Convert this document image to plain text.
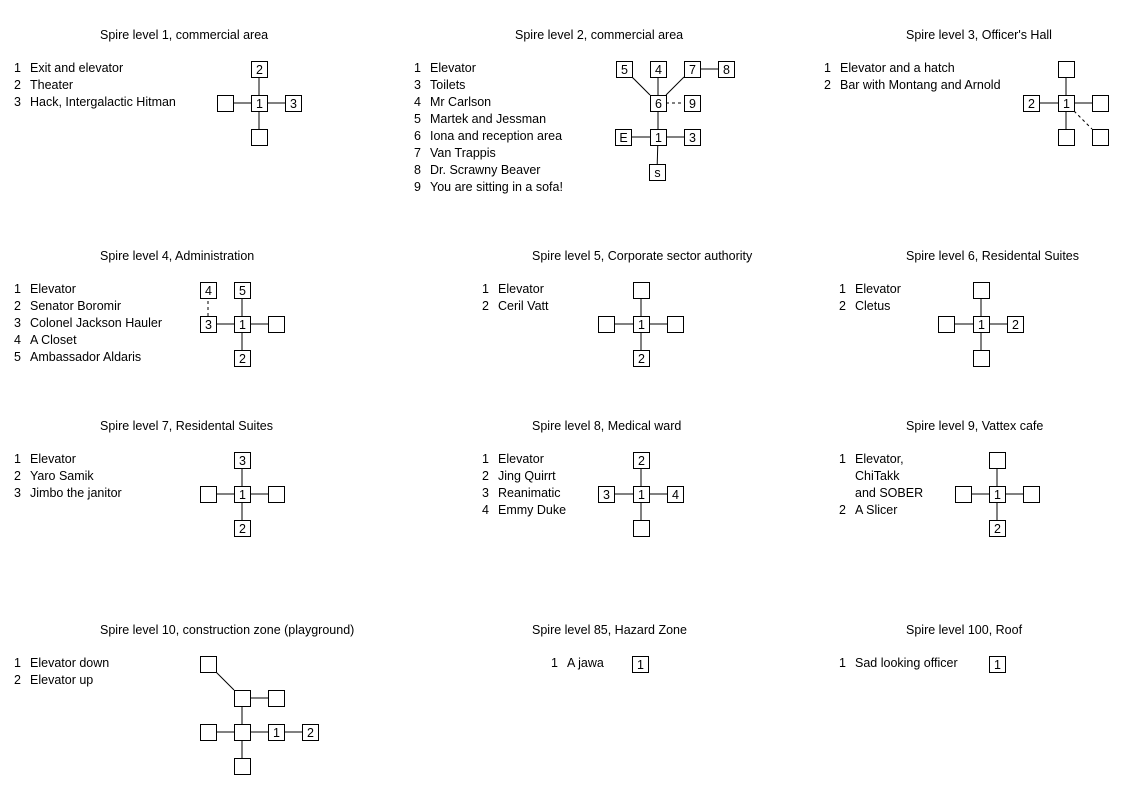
Spire level 1, commercial area
1 Exit and elevator
2 Theater
3 Hack, Intergalactic Hitman
Spire level 2, commercial area
1 Elevator
3 Toilets
4 Mr Carlson
5 Martek and Jessman
6 Iona and reception area
7 Van Trappis
8 Dr. Scrawny Beaver
9 You are sitting in a sofa!
Spire level 3, Officer's Hall
1 Elevator and a hatch
2 Bar with Montang and Arnold
Spire level 4, Administration
1 Elevator
2 Senator Boromir
3 Colonel Jackson Hauler
4 A Closet
5 Ambassador Aldaris
Spire level 5, Corporate sector authority
1 Elevator
2 Ceril Vatt
Spire level 6, Residental Suites
1 Elevator
2 Cletus
Spire level 7, Residental Suites
1 Elevator
2 Yaro Samik
3 Jimbo the janitor
Spire level 8, Medical ward
1 Elevator
2 Jing Quirrt
3 Reanimatic
4 Emmy Duke
Spire level 9, Vattex cafe
1 Elevator,
ChiTakk
and SOBER
2 A Slicer
Spire level 10, construction zone (playground)
1 Elevator down
2 Elevator up
Spire level 85, Hazard Zone
1 A jawa
Spire level 100, Roof
1 Sad looking officer
1
2
3
1 3
E
s
6 9
5 4 7 8
1
2
1
2
3
4 5
1
2
1 2
1
2
3
1
2
3	4	1
2
1 2
1	1
